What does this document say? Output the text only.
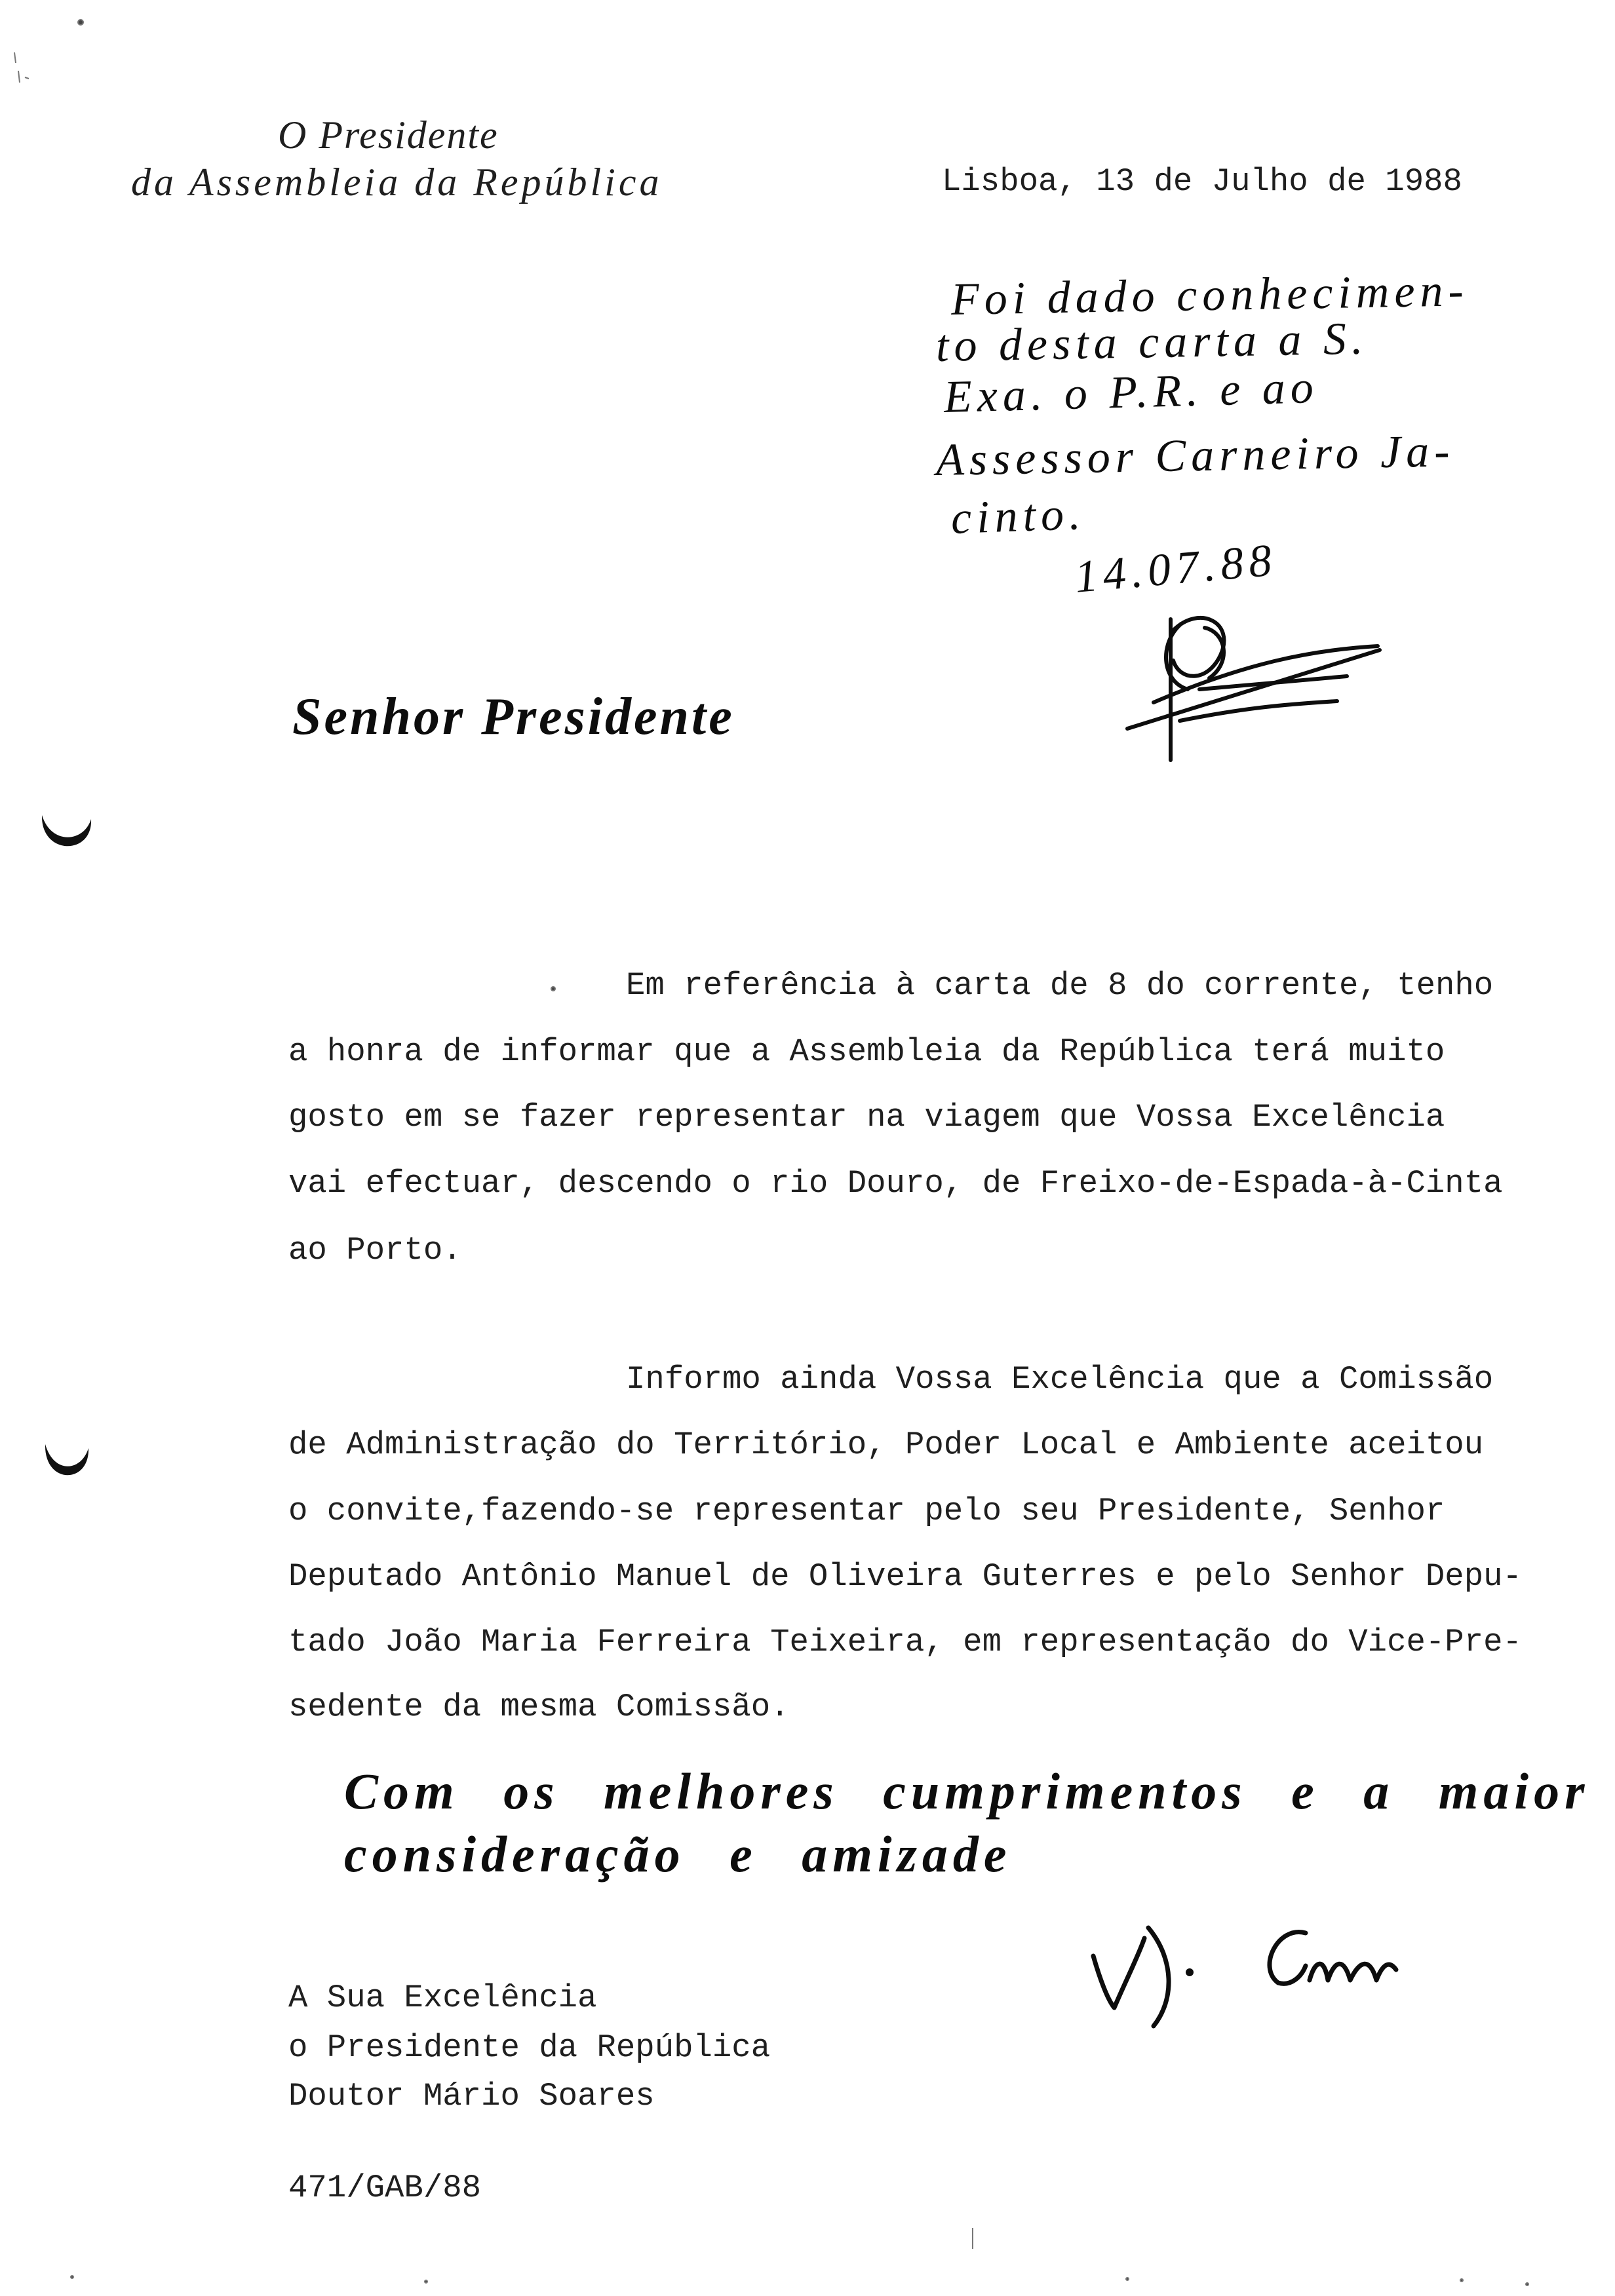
O Presidente
da Assembleia da República	Lisboa, 13 de Julho de 1988
Foi dado conhecimen-
to desta carta a S.
Exa. o P.R. e ao
Assessor Carneiro Ja-
cinto.
14.07.88
Senhor Presidente
Em referência à carta de 8 do corrente, tenho
a honra de informar que a Assembleia da República terá muito
gosto em se fazer representar na viagem que Vossa Excelência
vai efectuar, descendo o rio Douro, de Freixo-de-Espada-à-Cinta
ao Porto.
Informo ainda Vossa Excelência que a Comissão
de Administração do Território, Poder Local e Ambiente aceitou
o convite,fazendo-se representar pelo seu Presidente, Senhor
Deputado Antônio Manuel de Oliveira Guterres e pelo Senhor Depu-
tado João Maria Ferreira Teixeira, em representação do Vice-Pre-
sedente da mesma Comissão.
Com os melhores cumprimentos e a maior
consideração e amizade
A Sua Excelência
o Presidente da República
Doutor Mário Soares
471/GAB/88
